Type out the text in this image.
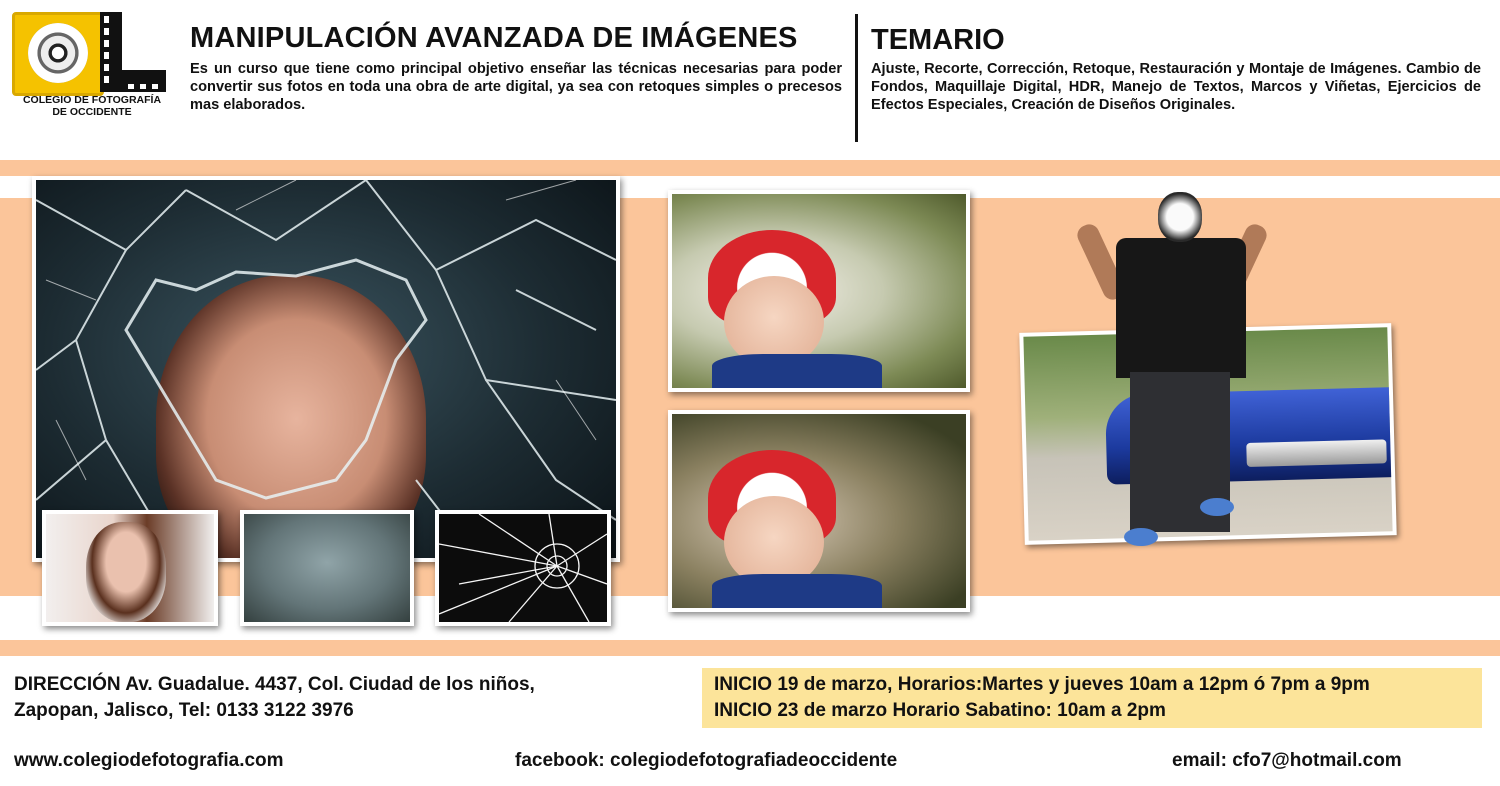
COLEGIO DE FOTOGRAFÍA
DE OCCIDENTE
MANIPULACIÓN AVANZADA DE IMÁGENES
Es un curso que tiene como principal objetivo enseñar las técnicas necesarias para poder convertir sus fotos en toda una obra de arte digital, ya sea con retoques simples o precesos mas elaborados.
TEMARIO
Ajuste, Recorte, Corrección, Retoque, Restauración y Montaje de Imágenes. Cambio de Fondos, Maquillaje Digital, HDR, Manejo de Textos, Marcos y Viñetas, Ejercicios de Efectos Especiales, Creación de Diseños Originales.
DIRECCIÓN Av. Guadalue. 4437, Col. Ciudad de los niños,
Zapopan, Jalisco, Tel: 0133 3122 3976
INICIO 19 de marzo, Horarios:Martes y jueves 10am a 12pm ó 7pm a 9pm
INICIO 23 de marzo Horario Sabatino: 10am a 2pm
www.colegiodefotografia.com	facebook: colegiodefotografiadeoccidente	email: cfo7@hotmail.com
